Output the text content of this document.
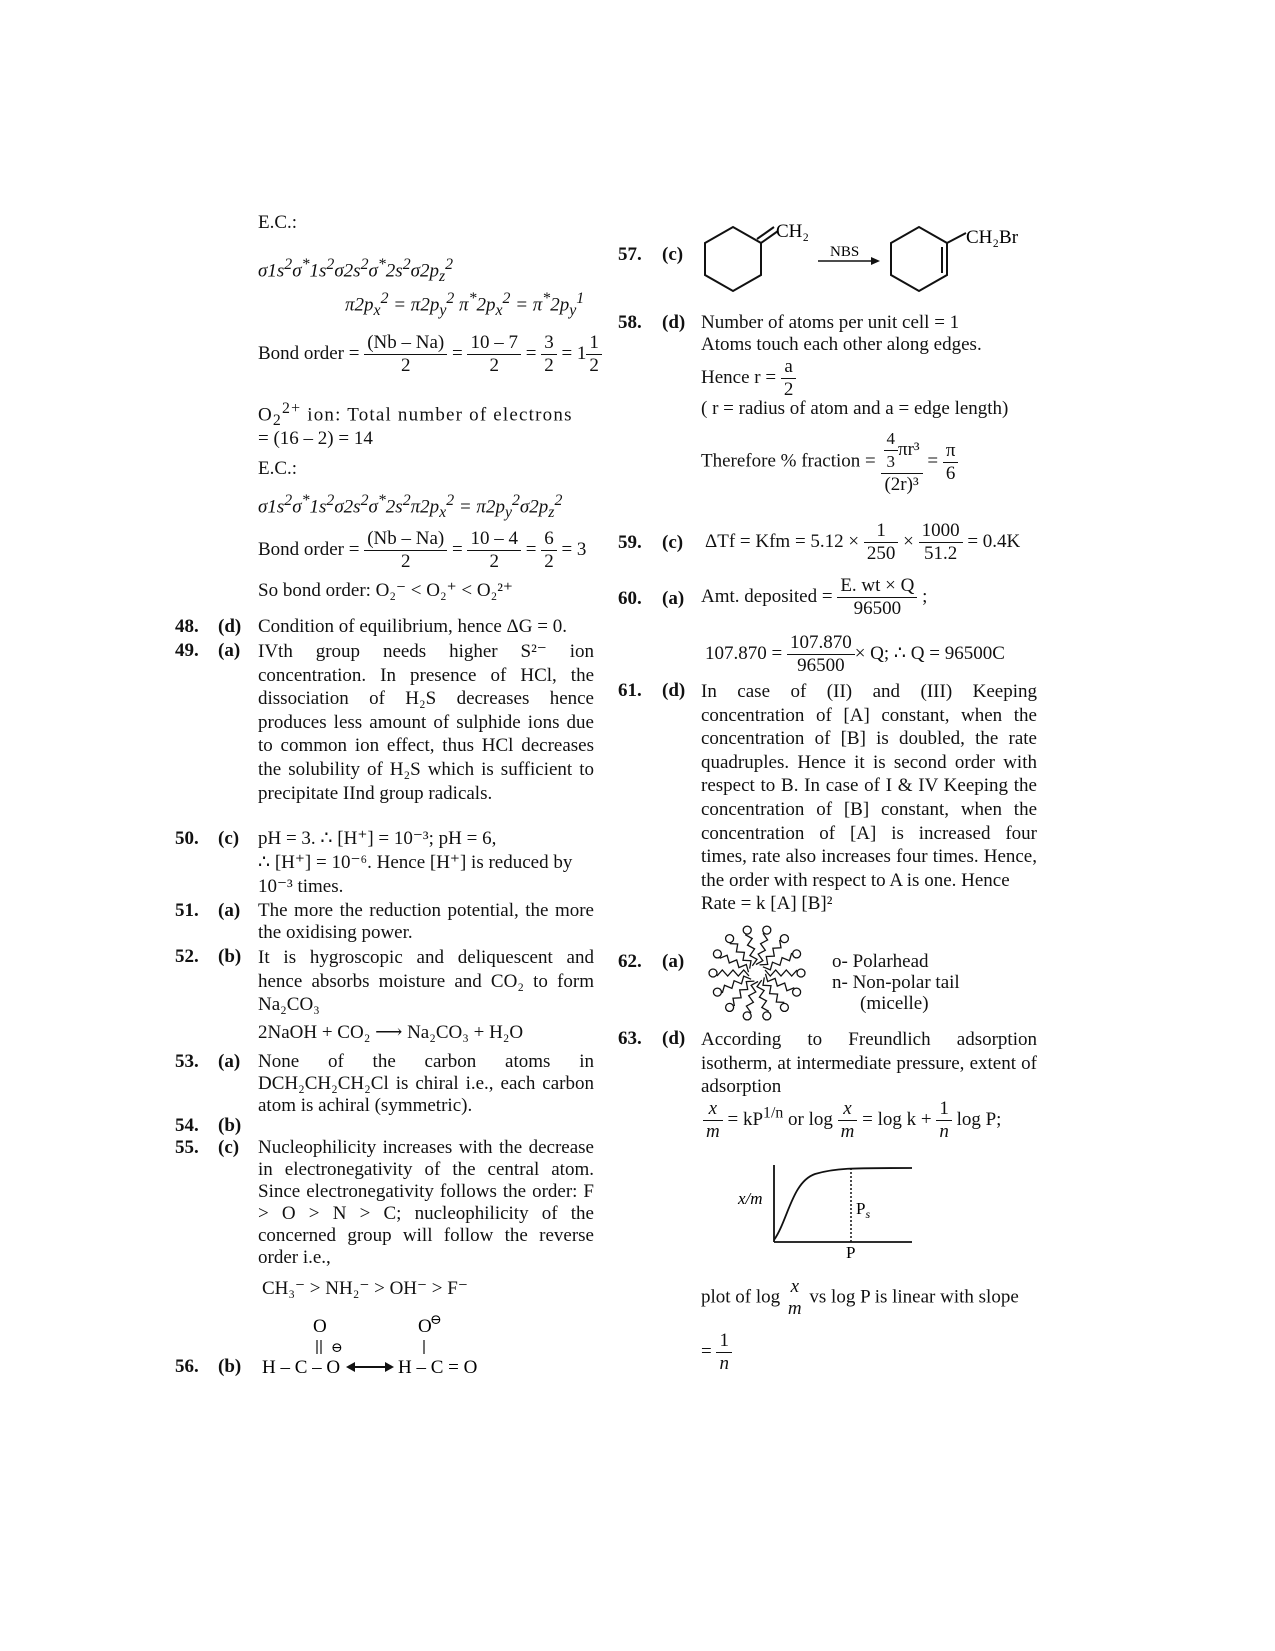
E.C.:
$\sigma 1s^2\sigma^*1s^2\sigma 2s^2\sigma^*2s^2\sigma 2p_z^2$
$\pi 2p_x^2 = \pi 2p_y^2$ $\pi^*2p_x^2 = \pi^*2p_y^1$
Bond order = $\frac{(Nb - Na)}{2} = \frac{10 - 7}{2} = \frac{3}{2} = 1 \frac{1}{2}$
$O_2^{2+}$ ion: Total number of electrons
= (16 – 2) = 14
E.C.:
$\sigma 1s^2\sigma^*1s^2\sigma 2s^2\sigma^*2s^2\pi 2p_x^2 = \pi 2p_y^2\sigma 2p_z^2$
Bond order = $\frac{(Nb - Na)}{2} = \frac{10 - 4}{2} = \frac{6}{2} = 3$
So bond order: O₂⁻ < O₂⁺ < O₂²⁺
48. (d) Condition of equilibrium, hence ΔG = 0.
49. (a) IVth group needs higher S²⁻ ion concentration. In presence of HCl, the dissociation of H₂S decreases hence produces less amount of sulphide ions due to common ion effect, thus HCl decreases the solubility of H₂S which is sufficient to precipitate IInd group radicals.
50. (c) pH = 3. ∴ [H⁺] = 10⁻³; pH = 6,
∴ [H⁺] = 10⁻⁶. Hence [H⁺] is reduced by
10⁻³ times.
51. (a) The more the reduction potential, the more the oxidising power.
52. (b) It is hygroscopic and deliquescent and hence absorbs moisture and CO₂ to form Na₂CO₃
2NaOH + CO₂ ⟶ Na₂CO₃ + H₂O
53. (a) None of the carbon atoms in DCH₂CH₂CH₂Cl is chiral i.e., each carbon atom is achiral (symmetric).
54. (b)
55. (c) Nucleophilicity increases with the decrease in electronegativity of the central atom. Since electronegativity follows the order: F > O > N > C; nucleophilicity of the concerned group will follow the reverse order i.e.,
CH₃⁻ > NH₂⁻ > OH⁻ > F⁻
56. (b)
O
H – C – O
⊖
O
⊖
H – C = O
57. (c)
CH₂
NBS
CH₂Br
58. (d) Number of atoms per unit cell = 1
Atoms touch each other along edges.
Hence $r = \frac{a}{2}$
( r = radius of atom and a = edge length)
Therefore % fraction = $\frac{\frac{4}{3} \pi r^3}{\text{(2r)³}} = \frac{\pi}{6}$
59. (c) ΔTf = Kfm = $5.12 \times \frac{1}{250} \times \frac{1000}{51.2} = 0.4K$
60. (a) Amt. deposited = $\frac{E. wt \times Q}{96500}$ ;
$107.870 = \frac{107.870}{96500} \times Q$; ∴ Q = 96500C
61. (d) In case of (II) and (III) Keeping concentration of [A] constant, when the concentration of [B] is doubled, the rate quadruples. Hence it is second order with respect to B. In case of I & IV Keeping the concentration of [B] constant, when the concentration of [A] is increased four times, rate also increases four times. Hence, the order with respect to A is one. Hence
Rate = k [A] [B]²
62. (a)	o- Polarhead
n- Non-polar tail
(micelle)
63. (d) According to Freundlich adsorption isotherm, at intermediate pressure, extent of adsorption
$\frac{x}{m} = kP^{1/n}$ or $\log \frac{x}{m} = \log k + \frac{1}{n}$ log P;
x/m
P
$P_s$
plot of log x
m
vs log P is linear with slope
= $\frac{1}{n}$
